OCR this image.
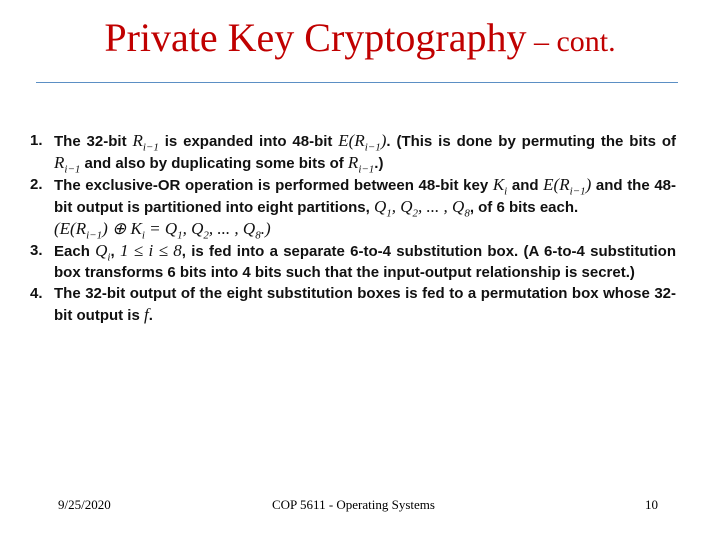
Private Key Cryptography – cont.
1. The 32-bit $R_{i-1}$ is expanded into 48-bit $E(R_{i-1})$. (This is done by permuting the bits of $R_{i-1}$ and also by duplicating some bits of $R_{i-1}$.)
2. The exclusive-OR operation is performed between 48-bit key $K_i$ and $E(R_{i-1})$ and the 48-bit output is partitioned into eight partitions, $Q_1$, $Q_2$, ... , $Q_8$, of 6 bits each.
($E(R_{i-1})$ ⊕ $K_i = Q_1$, $Q_2$, ... , $Q_8$.)
3. Each $Q_i$, 1 ≤ i ≤ 8, is fed into a separate 6-to-4 substitution box. (A 6-to-4 substitution box transforms 6 bits into 4 bits such that the input-output relationship is secret.)
4. The 32-bit output of the eight substitution boxes is fed to a permutation box whose 32-bit output is f.
9/25/2020	COP 5611 - Operating Systems	10
